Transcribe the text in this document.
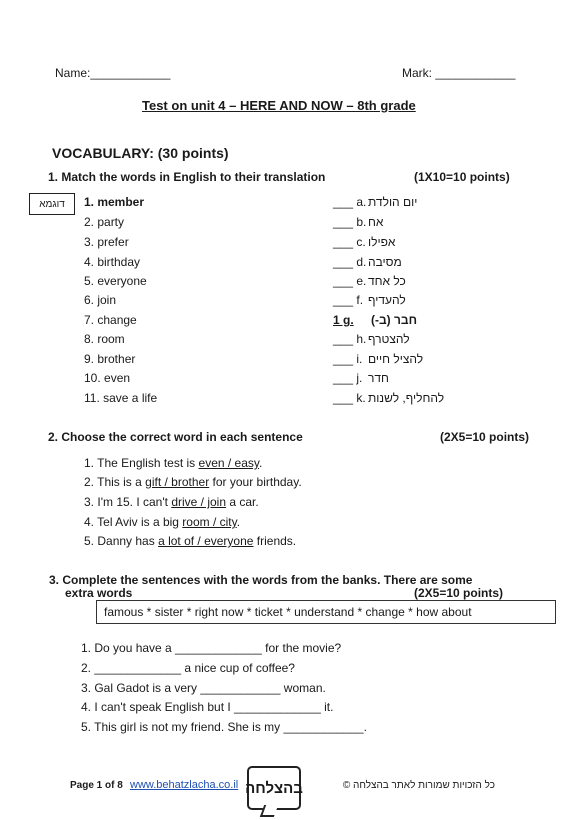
Name:____________	Mark: ____________
Test on unit 4 – HERE AND NOW – 8th grade
VOCABULARY: (30 points)
1. Match the words in English to their translation	(1X10=10 points)
דוגמא 1. member	___ a. יום הולדת
2. party	___ b. אח
3. prefer	___ c. אפילו
4. birthday	___ d. מסיבה
5. everyone	___ e. כל אחד
6. join	___ f. להעדיף
7. change	1 g. חבר (ב-)
8. room	___ h. להצטרף
9. brother	___ i. להציל חיים
10. even	___ j. חדר
11. save a life	___ k. להחליף, לשנות
2. Choose the correct word in each sentence	(2X5=10 points)
1. The English test is even / easy.
2. This is a gift / brother for your birthday.
3. I'm 15. I can't drive / join a car.
4. Tel Aviv is a big room / city.
5. Danny has a lot of / everyone friends.
3. Complete the sentences with the words from the banks. There are some
extra words	(2X5=10 points)
famous * sister * right now * ticket * understand * change * how about
1. Do you have a _____________ for the movie?
2. _____________ a nice cup of coffee?
3. Gal Gadot is a very ____________ woman.
4. I can't speak English but I _____________ it.
5. This girl is not my friend. She is my ____________.
Page 1 of 8 www.behatzlacha.co.il בהצלחה	כל הזכויות שמורות לאתר בהצלחה ©
